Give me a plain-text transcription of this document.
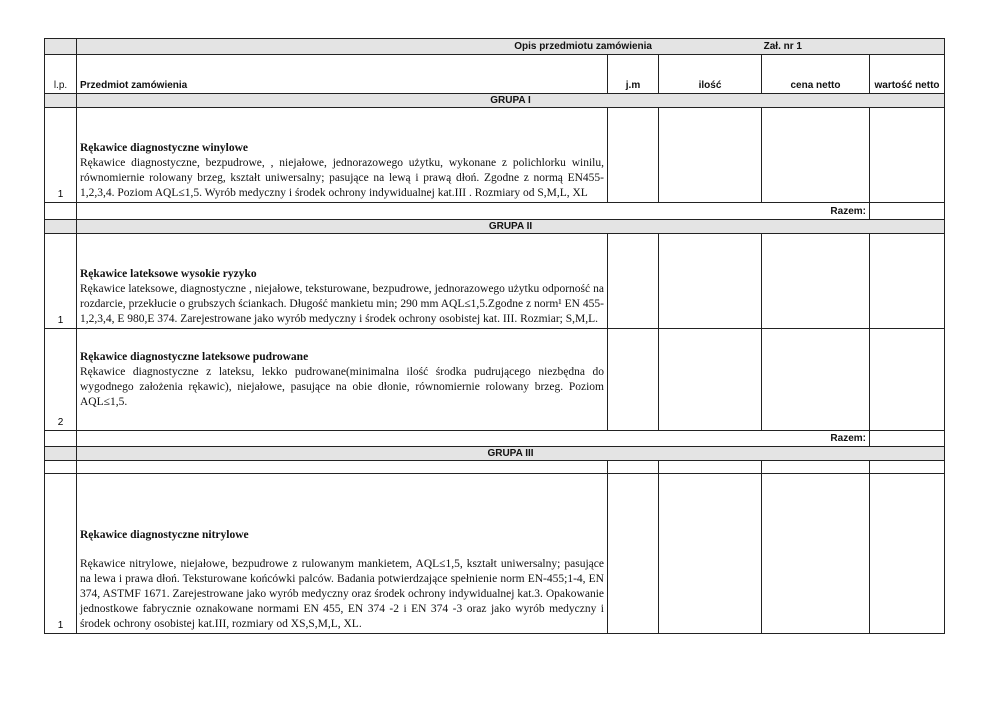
	Opis przedmiotu zamówienia Zał. nr 1				
l.p.	Przedmiot zamówienia	j.m	ilość	cena netto	wartość netto
	GRUPA I				
1	Rękawice diagnostyczne winylowe
Rękawice diagnostyczne, bezpudrowe, , niejałowe, jednorazowego użytku, wykonane z polichlorku winilu, równomiernie rolowany brzeg, kształt uniwersalny; pasujące na lewą i prawą dłoń. Zgodne z normą EN455-1,2,3,4. Poziom AQL≤1,5. Wyrób medyczny i środek ochrony indywidualnej kat.III . Rozmiary od S,M,L, XL				
	Razem:				
	GRUPA II				
1	Rękawice lateksowe wysokie ryzyko
Rękawice lateksowe, diagnostyczne , niejałowe, teksturowane, bezpudrowe, jednorazowego użytku odporność na rozdarcie, przekłucie o grubszych ściankach. Długość mankietu min; 290 mm AQL≤1,5.Zgodne z norm¹ EN 455-1,2,3,4, E 980,E 374. Zarejestrowane jako wyrób medyczny i środek ochrony osobistej kat. III. Rozmiar; S,M,L.				
2	Rękawice diagnostyczne lateksowe pudrowane
Rękawice diagnostyczne z lateksu, lekko pudrowane(minimalna ilość środka pudrującego niezbędna do wygodnego założenia rękawic), niejałowe, pasujące na obie dłonie, równomiernie rolowany brzeg. Poziom AQL≤1,5.				
	Razem:				
	GRUPA III				

1	Rękawice diagnostyczne nitrylowe
Rękawice nitrylowe, niejałowe, bezpudrowe z rulowanym mankietem, AQL≤1,5, kształt uniwersalny; pasujące na lewa i prawa dłoń. Teksturowane końcówki palców. Badania potwierdzające spełnienie norm EN-455;1-4, EN 374, ASTMF 1671. Zarejestrowane jako wyrób medyczny oraz środek ochrony indywidualnej kat.3. Opakowanie jednostkowe fabrycznie oznakowane normami EN 455, EN 374 -2 i EN 374 -3 oraz jako wyrób medyczny i środek ochrony osobistej kat.III, rozmiary od XS,S,M,L, XL.				
